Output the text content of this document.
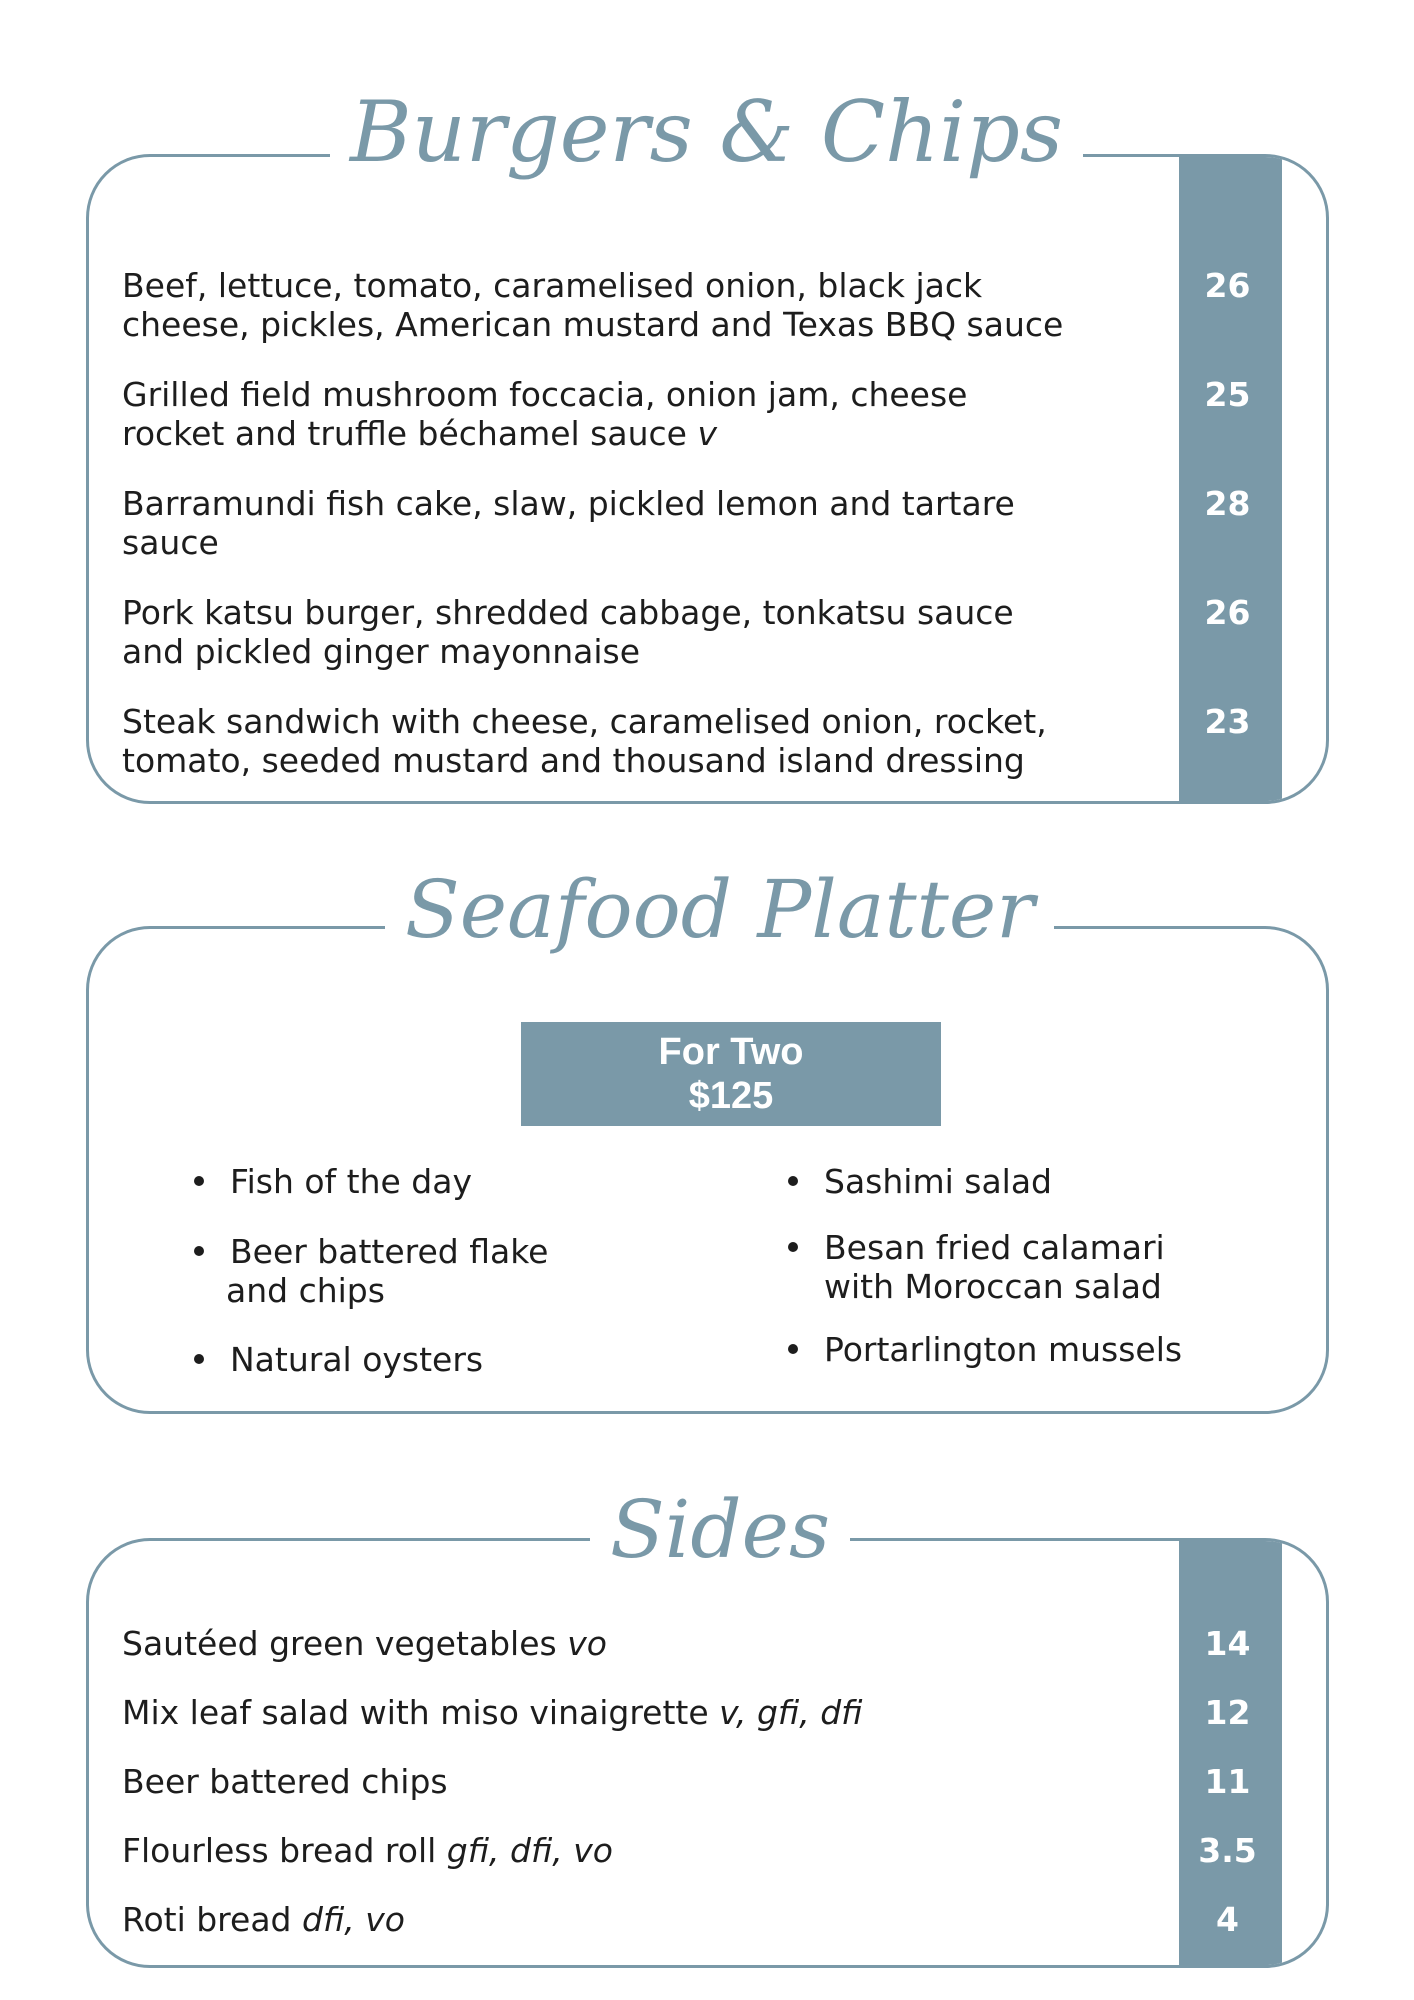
Burgers & Chips
Beef, lettuce, tomato, caramelised onion, black jack
cheese, pickles, American mustard and Texas BBQ sauce
26
Grilled field mushroom foccacia, onion jam, cheese
rocket and truffle béchamel sauce v
25
Barramundi fish cake, slaw, pickled lemon and tartare
sauce
28
Pork katsu burger, shredded cabbage, tonkatsu sauce
and pickled ginger mayonnaise
26
Steak sandwich with cheese, caramelised onion, rocket,
tomato, seeded mustard and thousand island dressing
23
Seafood Platter
For Two
$125
Fish of the day
Beer battered flake
and chips
Natural oysters
Sashimi salad
Besan fried calamari
with Moroccan salad
Portarlington mussels
Sides
Sautéed green vegetables vo	14
Mix leaf salad with miso vinaigrette v, gfi, dfi	12
Beer battered chips	11
Flourless bread roll gfi, dfi, vo	3.5
Roti bread dfi, vo	4
